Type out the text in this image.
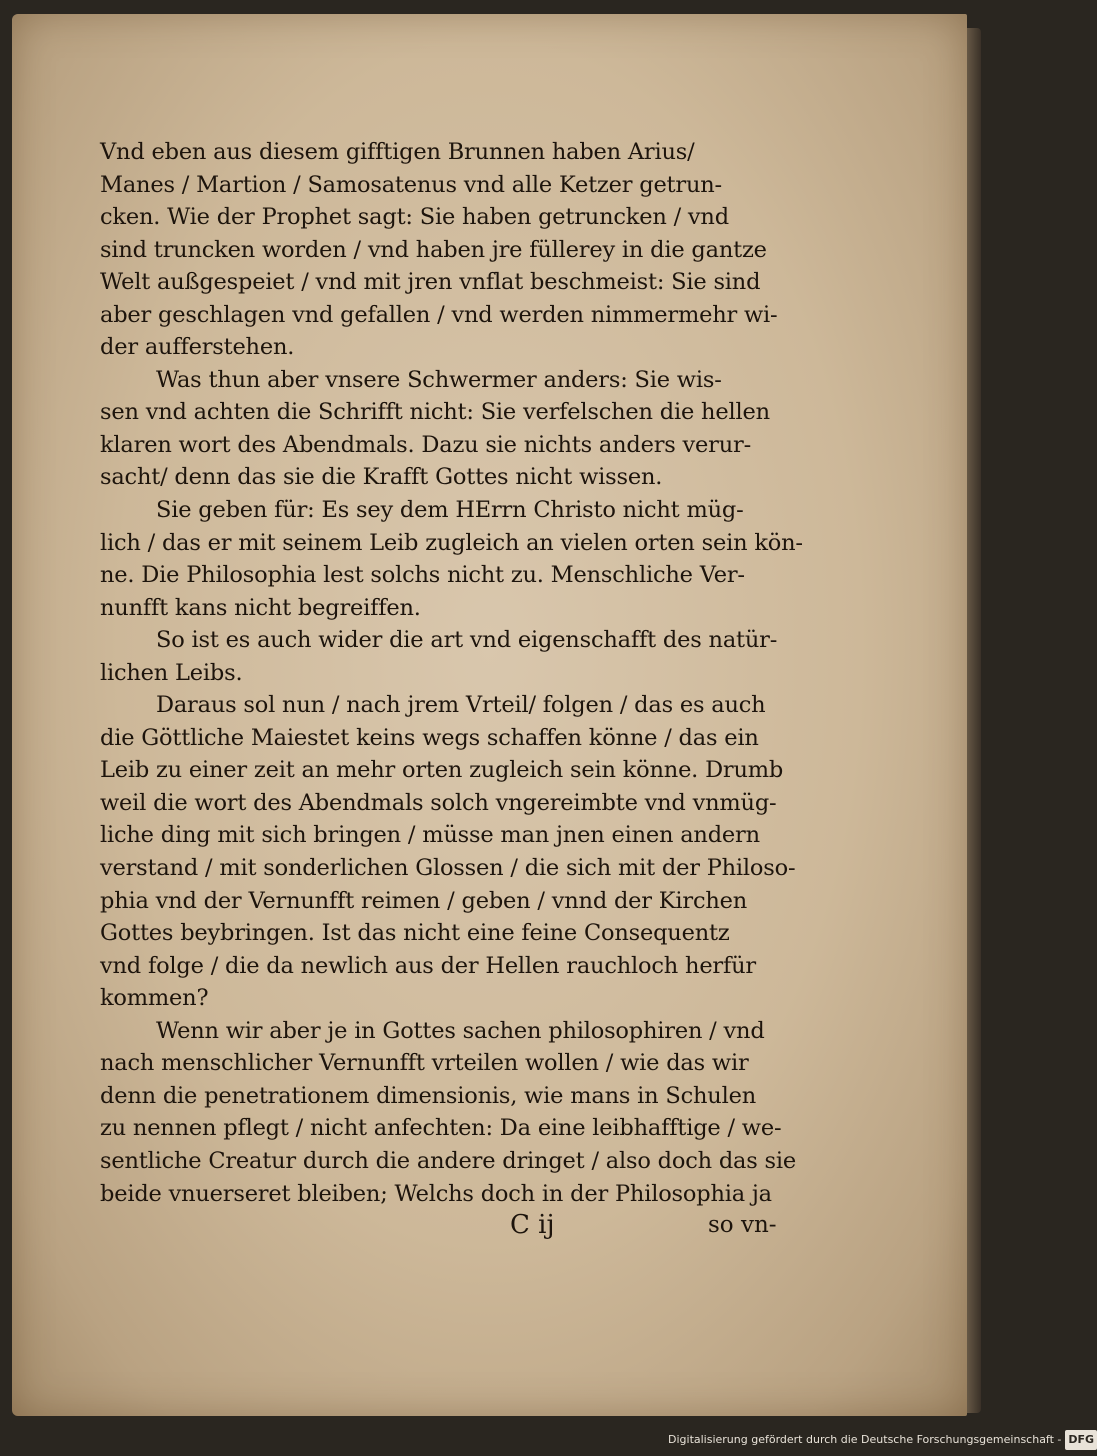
Vnd eben aus diesem gifftigen Brunnen haben Arius/
Manes / Martion / Samosatenus vnd alle Ketzer getrun-
cken. Wie der Prophet sagt: Sie haben getruncken / vnd
sind truncken worden / vnd haben jre füllerey in die gantze
Welt außgespeiet / vnd mit jren vnflat beschmeist: Sie sind
aber geschlagen vnd gefallen / vnd werden nimmermehr wi-
der aufferstehen.
Was thun aber vnsere Schwermer anders: Sie wis-
sen vnd achten die Schrifft nicht: Sie verfelschen die hellen
klaren wort des Abendmals. Dazu sie nichts anders verur-
sacht/ denn das sie die Krafft Gottes nicht wissen.
Sie geben für: Es sey dem HErrn Christo nicht müg-
lich / das er mit seinem Leib zugleich an vielen orten sein kön-
ne. Die Philosophia lest solchs nicht zu. Menschliche Ver-
nunfft kans nicht begreiffen.
So ist es auch wider die art vnd eigenschafft des natür-
lichen Leibs.
Daraus sol nun / nach jrem Vrteil/ folgen / das es auch
die Göttliche Maiestet keins wegs schaffen könne / das ein
Leib zu einer zeit an mehr orten zugleich sein könne. Drumb
weil die wort des Abendmals solch vngereimbte vnd vnmüg-
liche ding mit sich bringen / müsse man jnen einen andern
verstand / mit sonderlichen Glossen / die sich mit der Philoso-
phia vnd der Vernunfft reimen / geben / vnnd der Kirchen
Gottes beybringen. Ist das nicht eine feine Consequentz
vnd folge / die da newlich aus der Hellen rauchloch herfür
kommen?
Wenn wir aber je in Gottes sachen philosophiren / vnd
nach menschlicher Vernunfft vrteilen wollen / wie das wir
denn die penetrationem dimensionis, wie mans in Schulen
zu nennen pflegt / nicht anfechten: Da eine leibhafftige / we-
sentliche Creatur durch die andere dringet / also doch das sie
beide vnuerseret bleiben; Welchs doch in der Philosophia ja
C ij	so vn-
Digitalisierung gefördert durch die Deutsche Forschungsgemeinschaft - DFG
